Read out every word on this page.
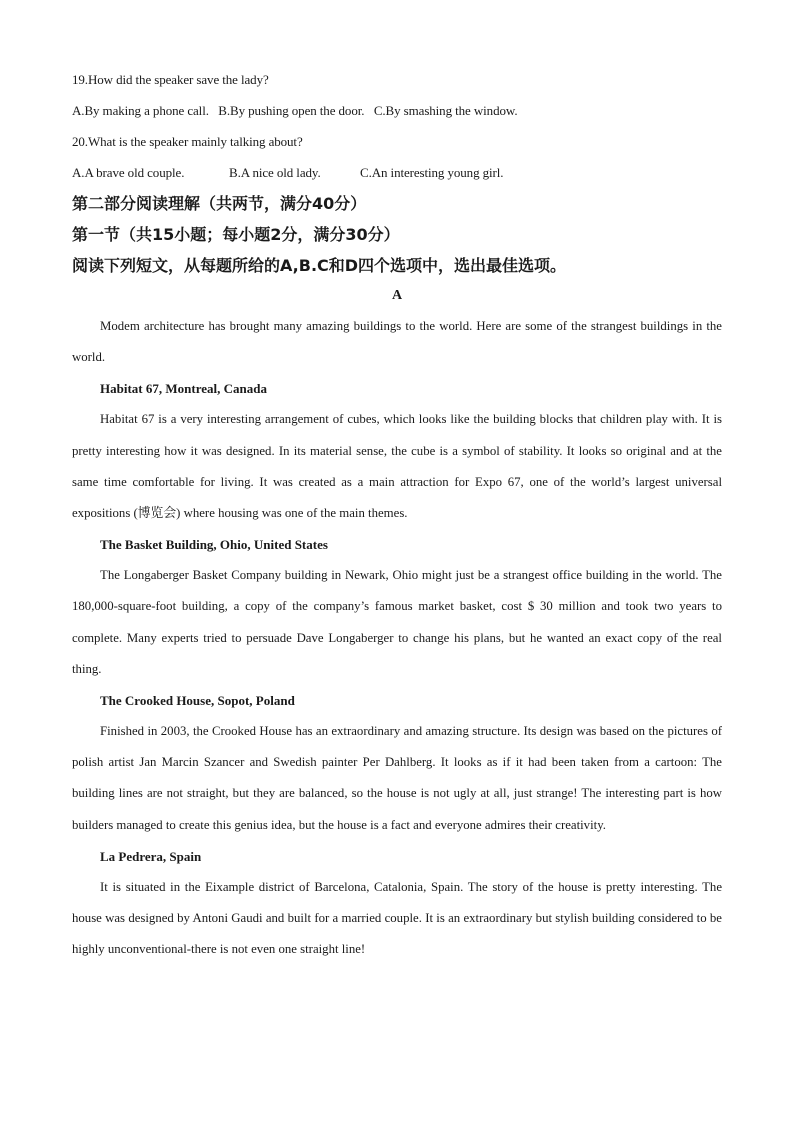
19.How did the speaker save the lady?
A.By making a phone call.   B.By pushing open the door.   C.By smashing the window.
20.What is the speaker mainly talking about?
A.A brave old couple.	B.A nice old lady.	C.An interesting young girl.
第二部分阅读理解（共两节，满分40分）
第一节（共15小题；每小题2分，满分30分）
阅读下列短文，从每题所给的A,B.C和D四个选项中，选出最佳选项。
A

Modem architecture has brought many amazing buildings to the world. Here are some of the strangest buildings in the world.

Habitat 67, Montreal, Canada

Habitat 67 is a very interesting arrangement of cubes, which looks like the building blocks that children play with. It is pretty interesting how it was designed. In its material sense, the cube is a symbol of stability. It looks so original and at the same time comfortable for living. It was created as a main attraction for Expo 67, one of the world’s largest universal expositions (博览会) where housing was one of the main themes.

The Basket Building, Ohio, United States

The Longaberger Basket Company building in Newark, Ohio might just be a strangest office building in the world. The 180,000-square-foot building, a copy of the company’s famous market basket, cost $ 30 million and took two years to complete. Many experts tried to persuade Dave Longaberger to change his plans, but he wanted an exact copy of the real thing.

The Crooked House, Sopot, Poland

Finished in 2003, the Crooked House has an extraordinary and amazing structure. Its design was based on the pictures of polish artist Jan Marcin Szancer and Swedish painter Per Dahlberg. It looks as if it had been taken from a cartoon: The building lines are not straight, but they are balanced, so the house is not ugly at all, just strange! The interesting part is how builders managed to create this genius idea, but the house is a fact and everyone admires their creativity.

La Pedrera, Spain

It is situated in the Eixample district of Barcelona, Catalonia, Spain. The story of the house is pretty interesting. The house was designed by Antoni Gaudi and built for a married couple. It is an extraordinary but stylish building considered to be highly unconventional-there is not even one straight line!
